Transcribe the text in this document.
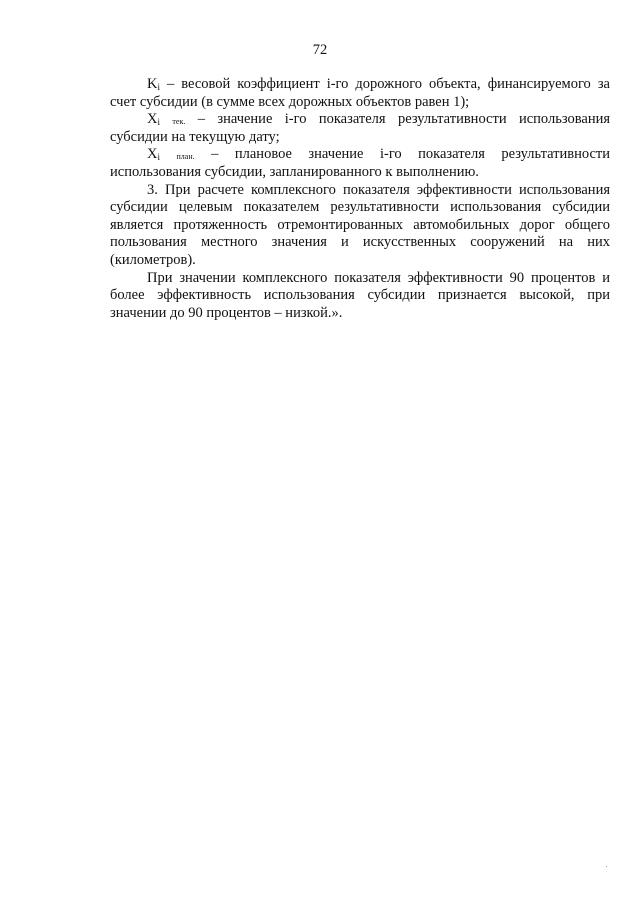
72

$K_i$ – весовой коэффициент i-го дорожного объекта, финансируемого за счет субсидии (в сумме всех дорожных объектов равен 1);

$X_i$ тек. – значение i-го показателя результативности использования субсидии на текущую дату;

$X_i$ план. – плановое значение i-го показателя результативности использования субсидии, запланированного к выполнению.

3. При расчете комплексного показателя эффективности использования субсидии целевым показателем результативности использования субсидии является протяженность отремонтированных автомобильных дорог общего пользования местного значения и искусственных сооружений на них (километров).

При значении комплексного показателя эффективности 90 процентов и более эффективность использования субсидии признается высокой, при значении до 90 процентов – низкой.».
